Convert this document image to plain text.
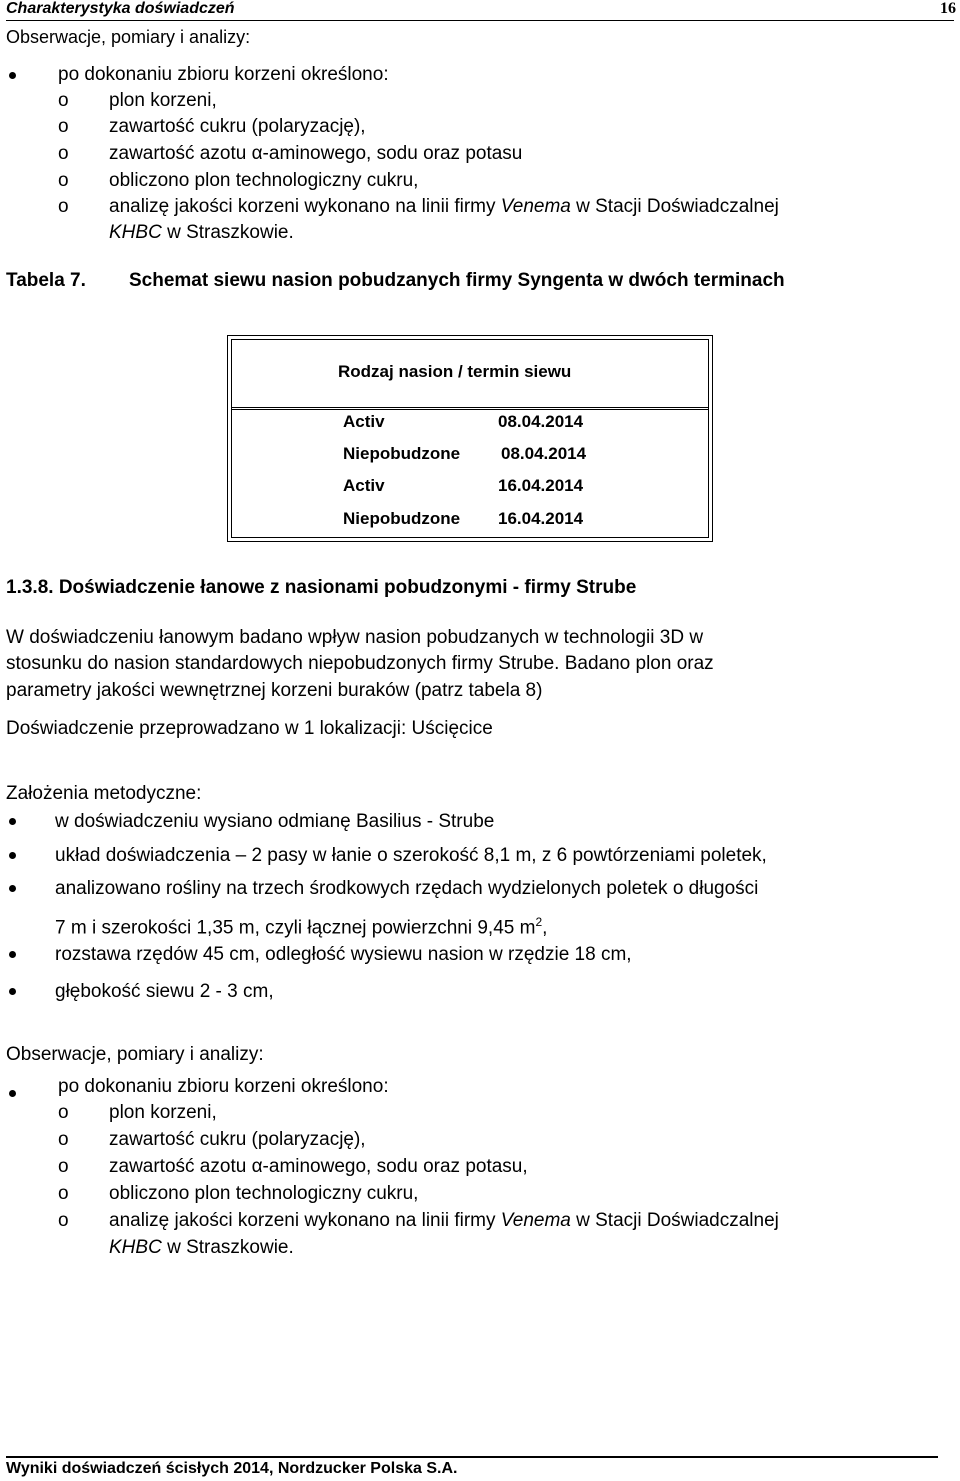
Charakterystyka doświadczeń	16
Obserwacje, pomiary i analizy:
po dokonaniu zbioru korzeni określono:
o plon korzeni,
o zawartość cukru (polaryzację),
o zawartość azotu α-aminowego, sodu oraz potasu
o obliczono plon technologiczny cukru,
o analizę jakości korzeni wykonano na linii firmy Venema w Stacji Doświadczalnej
KHBC w Straszkowie.
Tabela 7. Schemat siewu nasion pobudzanych firmy Syngenta w dwóch terminach
Rodzaj nasion / termin siewu
Activ	08.04.2014
Niepobudzone 08.04.2014
Activ	16.04.2014
Niepobudzone 16.04.2014
1.3.8. Doświadczenie łanowe z nasionami pobudzonymi - firmy Strube
W doświadczeniu łanowym badano wpływ nasion pobudzanych w technologii 3D w
stosunku do nasion standardowych niepobudzonych firmy Strube. Badano plon oraz
parametry jakości wewnętrznej korzeni buraków (patrz tabela 8)
Doświadczenie przeprowadzano w 1 lokalizacji: Uścięcice
Założenia metodyczne:
w doświadczeniu wysiano odmianę Basilius - Strube
układ doświadczenia – 2 pasy w łanie o szerokość 8,1 m, z 6 powtórzeniami poletek,
analizowano rośliny na trzech środkowych rzędach wydzielonych poletek o długości
7 m i szerokości 1,35 m, czyli łącznej powierzchni 9,45 $m^2$,
rozstawa rzędów 45 cm, odległość wysiewu nasion w rzędzie 18 cm,
głębokość siewu 2 - 3 cm,
Obserwacje, pomiary i analizy:
po dokonaniu zbioru korzeni określono:
o plon korzeni,
o zawartość cukru (polaryzację),
o zawartość azotu α-aminowego, sodu oraz potasu,
o obliczono plon technologiczny cukru,
o analizę jakości korzeni wykonano na linii firmy Venema w Stacji Doświadczalnej
KHBC w Straszkowie.
Wyniki doświadczeń ścisłych 2014, Nordzucker Polska S.A.
